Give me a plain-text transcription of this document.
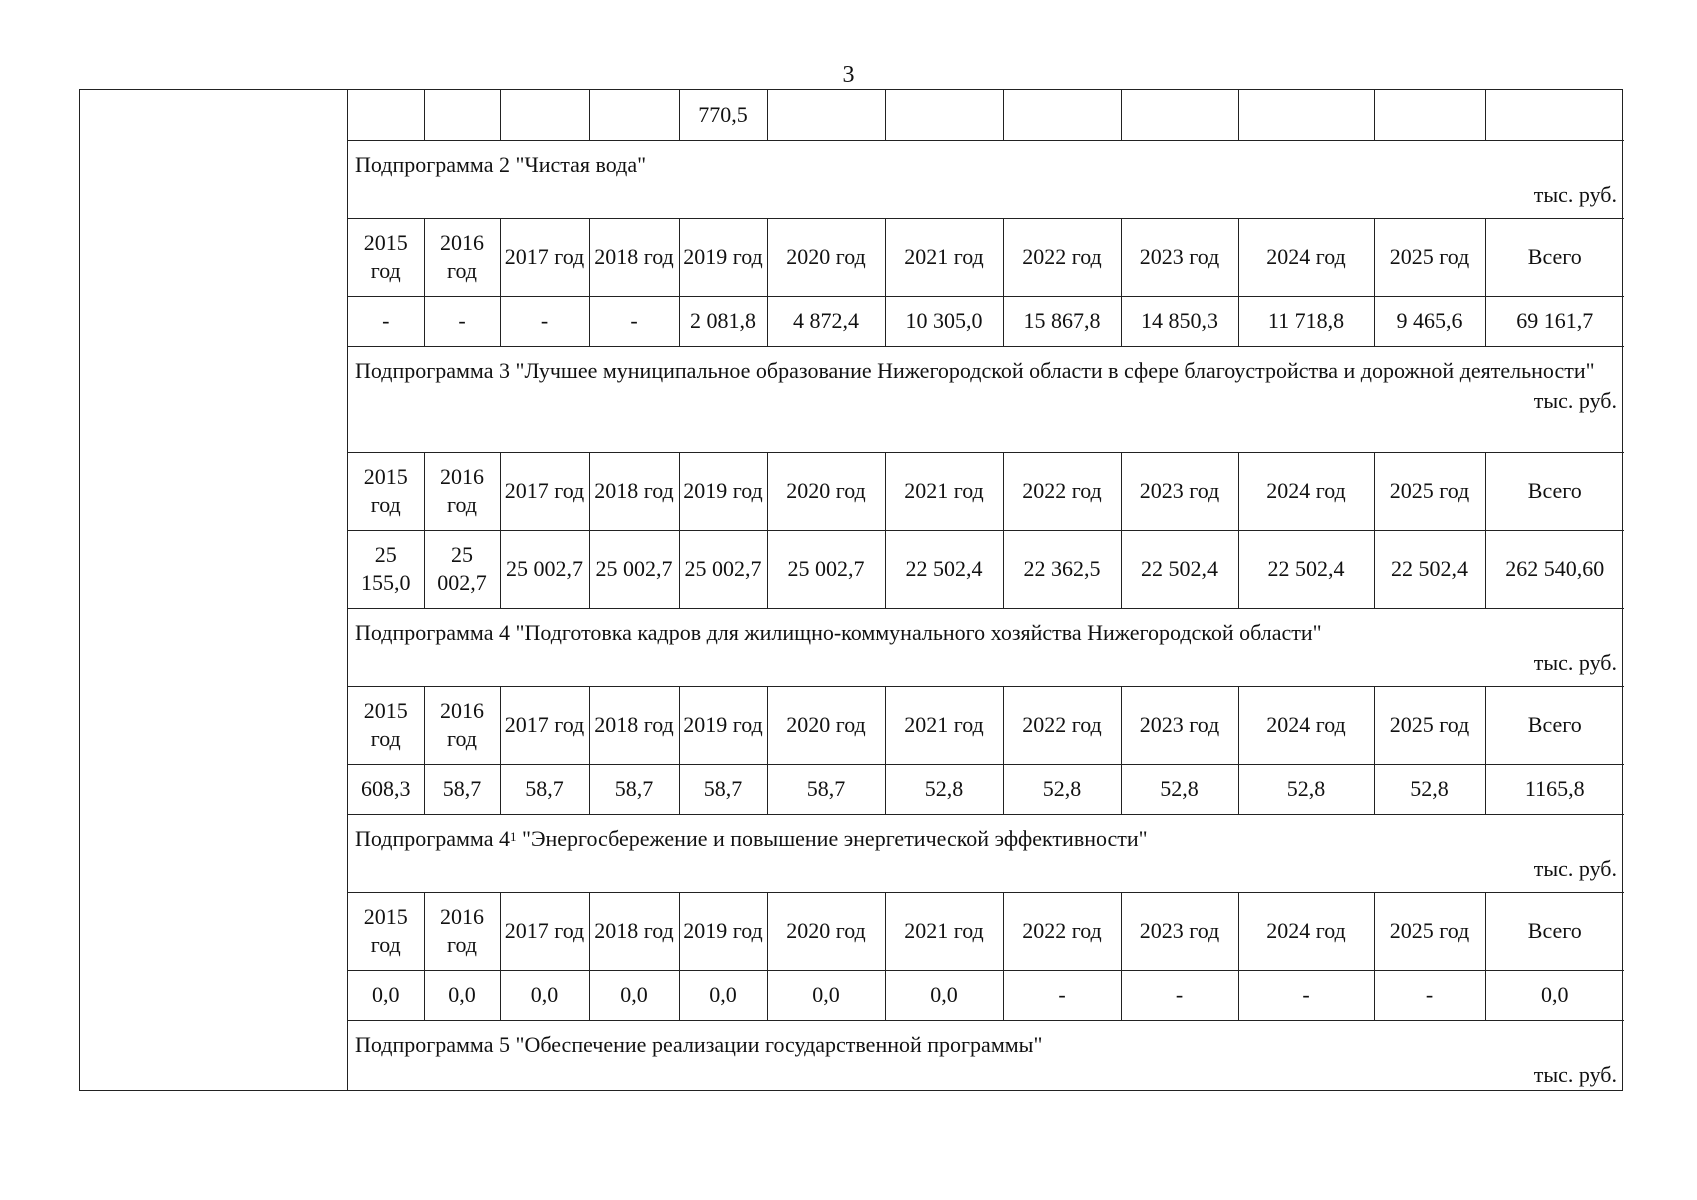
3
				770,5							

Подпрограмма 2 "Чистая вода"
тыс. руб.											

2015 год	2016 год	2017 год	2018 год	2019 год	2020 год	2021 год	2022 год	2023 год	2024 год	2025 год	Всего
-	-	-	-	2 081,8	4 872,4	10 305,0	15 867,8	14 850,3	11 718,8	9 465,6	69 161,7

Подпрограмма 3 "Лучшее муниципальное образование Нижегородской области в сфере благоустройства и дорожной деятельности"
тыс. руб.											

2015 год	2016 год	2017 год	2018 год	2019 год	2020 год	2021 год	2022 год	2023 год	2024 год	2025 год	Всего
25 155,0	25 002,7	25 002,7	25 002,7	25 002,7	25 002,7	22 502,4	22 362,5	22 502,4	22 502,4	22 502,4	262 540,60

Подпрограмма 4 "Подготовка кадров для жилищно-коммунального хозяйства Нижегородской области"
тыс. руб.											

2015 год	2016 год	2017 год	2018 год	2019 год	2020 год	2021 год	2022 год	2023 год	2024 год	2025 год	Всего
608,3	58,7	58,7	58,7	58,7	58,7	52,8	52,8	52,8	52,8	52,8	1165,8

Подпрограмма $4^1$ "Энергосбережение и повышение энергетической эффективности"
тыс. руб.											

2015 год	2016 год	2017 год	2018 год	2019 год	2020 год	2021 год	2022 год	2023 год	2024 год	2025 год	Всего
0,0	0,0	0,0	0,0	0,0	0,0	0,0	-	-	-	-	0,0

Подпрограмма 5 "Обеспечение реализации государственной программы"
тыс. руб.											
